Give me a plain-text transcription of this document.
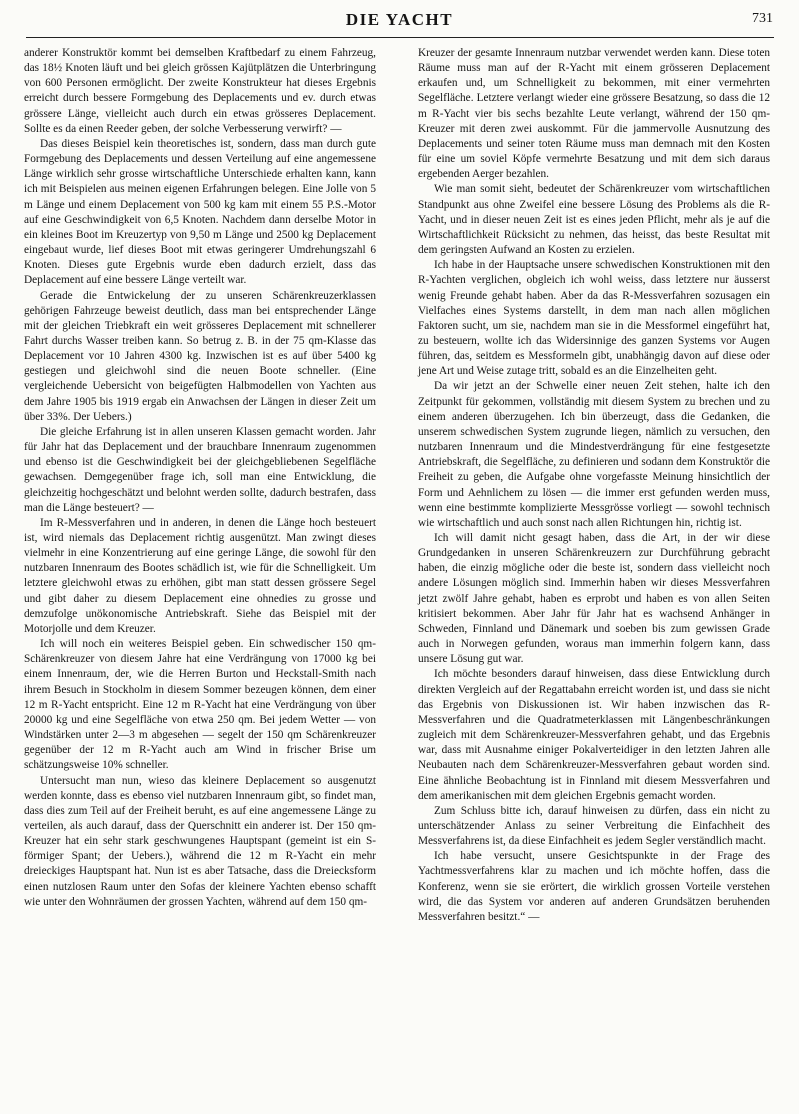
DIE YACHT	731

anderer Konstruktör kommt bei demselben Kraftbedarf zu einem Fahrzeug, das 18½ Knoten läuft und bei gleich grössen Kajütplätzen die Unterbringung von 600 Personen ermöglicht. Der zweite Konstrukteur hat dieses Ergebnis erreicht durch bessere Formgebung des Deplacements und ev. durch etwas grössere Länge, vielleicht auch durch ein etwas grösseres Deplacement. Sollte es da einen Reeder geben, der solche Verbesserung verwirft? —

Das dieses Beispiel kein theoretisches ist, sondern, dass man durch gute Formgebung des Deplacements und dessen Verteilung auf eine angemessene Länge wirklich sehr grosse wirtschaftliche Unterschiede erhalten kann, kann ich mit Beispielen aus meinen eigenen Erfahrungen belegen. Eine Jolle von 5 m Länge und einem Deplacement von 500 kg kam mit einem 55 P.S.-Motor auf eine Geschwindigkeit von 6,5 Knoten. Nachdem dann derselbe Motor in ein kleines Boot im Kreuzertyp von 9,50 m Länge und 2500 kg Deplacement eingebaut wurde, lief dieses Boot mit etwas geringerer Umdrehungszahl 6 Knoten. Dieses gute Ergebnis wurde eben dadurch erzielt, dass das Deplacement auf eine bessere Länge verteilt war.

Gerade die Entwickelung der zu unseren Schärenkreuzerklassen gehörigen Fahrzeuge beweist deutlich, dass man bei entsprechender Länge mit der gleichen Triebkraft ein weit grösseres Deplacement mit schnellerer Fahrt durchs Wasser treiben kann. So betrug z. B. in der 75 qm-Klasse das Deplacement vor 10 Jahren 4300 kg. Inzwischen ist es auf über 5400 kg gestiegen und gleichwohl sind die neuen Boote schneller. (Eine vergleichende Uebersicht von beigefügten Halbmodellen von Yachten aus dem Jahre 1905 bis 1919 ergab ein Anwachsen der Längen in dieser Zeit um über 33%. Der Uebers.)

Die gleiche Erfahrung ist in allen unseren Klassen gemacht worden. Jahr für Jahr hat das Deplacement und der brauchbare Innenraum zugenommen und ebenso ist die Geschwindigkeit bei der gleichgebliebenen Segelfläche gewachsen. Demgegenüber frage ich, soll man eine Entwicklung, die gleichzeitig hochgeschätzt und belohnt werden sollte, dadurch bestrafen, dass man die Länge besteuert? —

Im R-Messverfahren und in anderen, in denen die Länge hoch besteuert ist, wird niemals das Deplacement richtig ausgenützt. Man zwingt dieses vielmehr in eine Konzentrierung auf eine geringe Länge, die sowohl für den nutzbaren Innenraum des Bootes schädlich ist, wie für die Schnelligkeit. Um letztere gleichwohl etwas zu erhöhen, gibt man statt dessen grössere Segel und gibt daher zu diesem Deplacement eine ohnedies zu grosse und demzufolge unökonomische Antriebskraft. Siehe das Beispiel mit der Motorjolle und dem Kreuzer.

Ich will noch ein weiteres Beispiel geben. Ein schwedischer 150 qm-Schärenkreuzer von diesem Jahre hat eine Verdrängung von 17000 kg bei einem Innenraum, der, wie die Herren Burton und Heckstall-Smith nach ihrem Besuch in Stockholm in diesem Sommer bezeugen können, dem einer 12 m R-Yacht entspricht. Eine 12 m R-Yacht hat eine Verdrängung von über 20000 kg und eine Segelfläche von etwa 250 qm. Bei jedem Wetter — von Windstärken unter 2—3 m abgesehen — segelt der 150 qm Schärenkreuzer gegenüber der 12 m R-Yacht auch am Wind in frischer Brise um schätzungsweise 10% schneller.

Untersucht man nun, wieso das kleinere Deplacement so ausgenutzt werden konnte, dass es ebenso viel nutzbaren Innenraum gibt, so findet man, dass dies zum Teil auf der Freiheit beruht, es auf eine angemessene Länge zu verteilen, als auch darauf, dass der Querschnitt ein anderer ist. Der 150 qm-Kreuzer hat ein sehr stark geschwungenes Hauptspant (gemeint ist ein S-förmiger Spant; der Uebers.), während die 12 m R-Yacht ein mehr dreieckiges Hauptspant hat. Nun ist es aber Tatsache, dass die Dreiecksform einen nutzlosen Raum unter den Sofas der kleinere Yachten ebenso schafft wie unter den Wohnräumen der grossen Yachten, während auf dem 150 qm-

Kreuzer der gesamte Innenraum nutzbar verwendet werden kann. Diese toten Räume muss man auf der R-Yacht mit einem grösseren Deplacement erkaufen und, um Schnelligkeit zu bekommen, mit einer vermehrten Segelfläche. Letztere verlangt wieder eine grössere Besatzung, so dass die 12 m R-Yacht vier bis sechs bezahlte Leute verlangt, während der 150 qm-Kreuzer mit deren zwei auskommt. Für die jammervolle Ausnutzung des Deplacements und seiner toten Räume muss man demnach mit den Kosten für eine um soviel Köpfe vermehrte Besatzung und mit dem sich daraus ergebenden Aerger bezahlen.

Wie man somit sieht, bedeutet der Schärenkreuzer vom wirtschaftlichen Standpunkt aus ohne Zweifel eine bessere Lösung des Problems als die R-Yacht, und in dieser neuen Zeit ist es eines jeden Pflicht, mehr als je auf die Wirtschaftlichkeit Rücksicht zu nehmen, das heisst, das beste Resultat mit dem geringsten Aufwand an Kosten zu erzielen.

Ich habe in der Hauptsache unsere schwedischen Konstruktionen mit den R-Yachten verglichen, obgleich ich wohl weiss, dass letztere nur äusserst wenig Freunde gehabt haben. Aber da das R-Messverfahren sozusagen ein Vielfaches eines Systems darstellt, in dem man nach allen möglichen Faktoren sucht, um sie, nachdem man sie in die Messformel eingeführt hat, zu besteuern, wollte ich das Widersinnige des ganzen Systems vor Augen führen, das, seitdem es Messformeln gibt, unabhängig davon auf diese oder jene Art und Weise zutage tritt, sobald es an die Einzelheiten geht.

Da wir jetzt an der Schwelle einer neuen Zeit stehen, halte ich den Zeitpunkt für gekommen, vollständig mit diesem System zu brechen und zu einem anderen überzugehen. Ich bin überzeugt, dass die Gedanken, die unserem schwedischen System zugrunde liegen, nämlich zu versuchen, den nutzbaren Innenraum und die Mindestverdrängung für eine festgesetzte Antriebskraft, die Segelfläche, zu definieren und sodann dem Konstruktör die Freiheit zu geben, die Aufgabe ohne vorgefasste Meinung hinsichtlich der Form und Aehnlichem zu lösen — die immer erst gefunden werden muss, wenn eine bestimmte komplizierte Messgrösse vorliegt — sowohl technisch wie wirtschaftlich und auch sonst nach allen Richtungen hin, richtig ist.

Ich will damit nicht gesagt haben, dass die Art, in der wir diese Grundgedanken in unseren Schärenkreuzern zur Durchführung gebracht haben, die einzig mögliche oder die beste ist, sondern dass vielleicht noch andere Lösungen möglich sind. Immerhin haben wir dieses Messverfahren jetzt zwölf Jahre gehabt, haben es erprobt und haben es von allen Seiten kritisiert bekommen. Aber Jahr für Jahr hat es wachsend Anhänger in Schweden, Finnland und Dänemark und soeben bis zum gewissen Grade auch in Norwegen gefunden, woraus man immerhin folgern kann, dass unsere Lösung gut war.

Ich möchte besonders darauf hinweisen, dass diese Entwicklung durch direkten Vergleich auf der Regattabahn erreicht worden ist, und dass sie nicht das Ergebnis von Diskussionen ist. Wir haben inzwischen das R-Messverfahren und die Quadratmeterklassen mit Längenbeschränkungen zugleich mit dem Schärenkreuzer-Messverfahren gehabt, und das Ergebnis war, dass mit Ausnahme einiger Pokalverteidiger in den letzten Jahren alle Neubauten nach dem Schärenkreuzer-Messverfahren gebaut worden sind. Eine ähnliche Beobachtung ist in Finnland mit diesem Messverfahren und dem amerikanischen mit dem gleichen Ergebnis gemacht worden.

Zum Schluss bitte ich, darauf hinweisen zu dürfen, dass ein nicht zu unterschätzender Anlass zu seiner Verbreitung die Einfachheit des Messverfahrens ist, da diese Einfachheit es jedem Segler verständlich macht.

Ich habe versucht, unsere Gesichtspunkte in der Frage des Yachtmessverfahrens klar zu machen und ich möchte hoffen, dass die Konferenz, wenn sie sie erörtert, die wirklich grossen Vorteile verstehen wird, die das System vor anderen auf anderen Grundsätzen beruhenden Messverfahren besitzt.“ —
